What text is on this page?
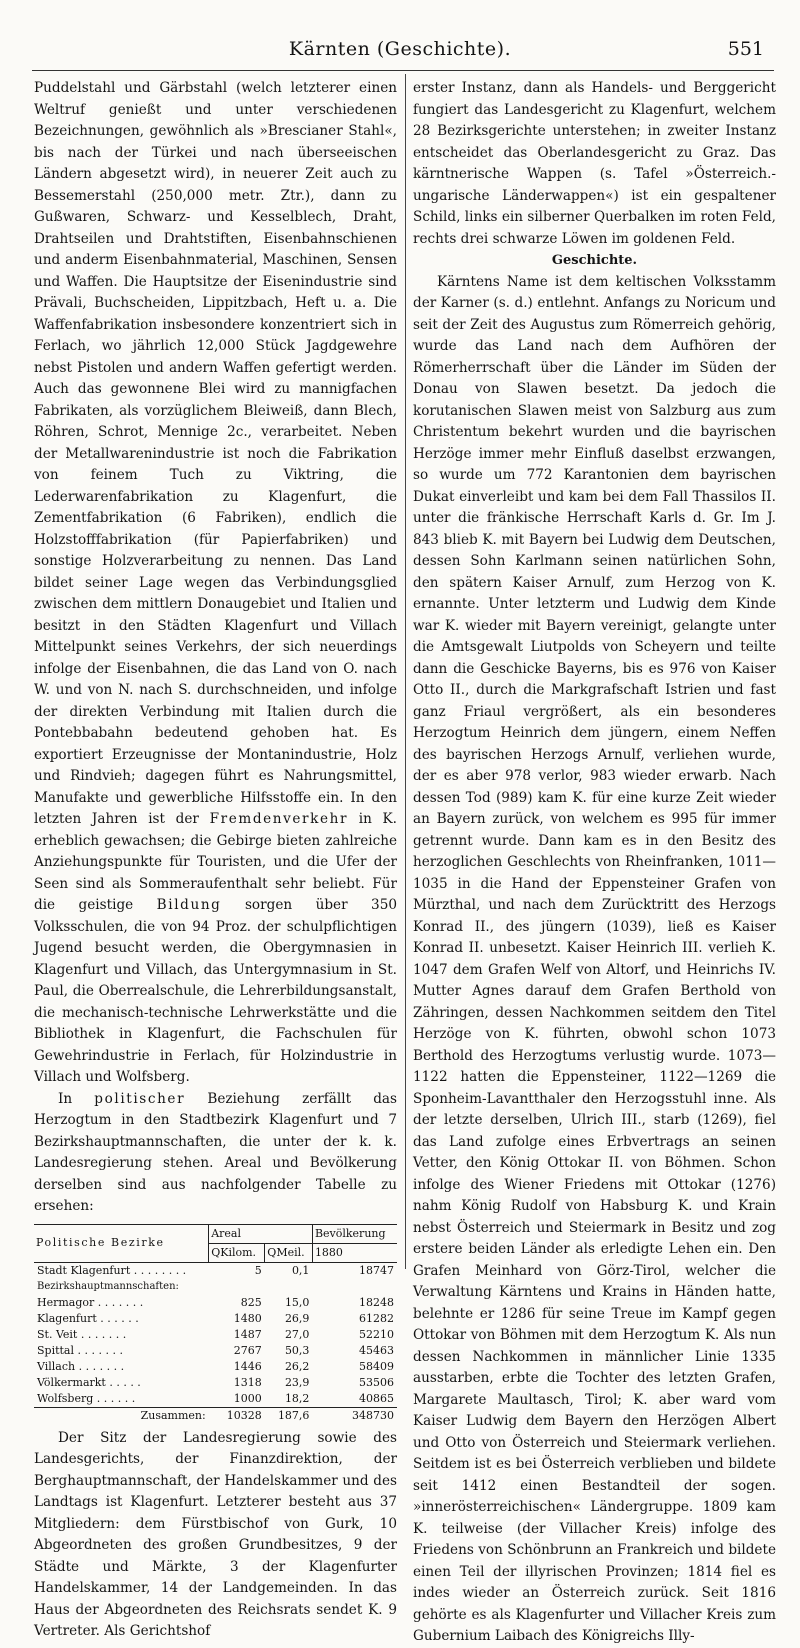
Kärnten (Geschichte).	551

Puddelstahl und Gärbstahl (welch letzterer einen Weltruf genießt und unter verschiedenen Bezeichnungen, gewöhnlich als »Brescianer Stahl«, bis nach der Türkei und nach überseeischen Ländern abgesetzt wird), in neuerer Zeit auch zu Bessemerstahl (250,000 metr. Ztr.), dann zu Gußwaren, Schwarz- und Kesselblech, Draht, Drahtseilen und Drahtstiften, Eisenbahnschienen und anderm Eisenbahnmaterial, Maschinen, Sensen und Waffen. Die Hauptsitze der Eisenindustrie sind Prävali, Buchscheiden, Lippitzbach, Heft u. a. Die Waffenfabrikation insbesondere konzentriert sich in Ferlach, wo jährlich 12,000 Stück Jagdgewehre nebst Pistolen und andern Waffen gefertigt werden. Auch das gewonnene Blei wird zu mannigfachen Fabrikaten, als vorzüglichem Bleiweiß, dann Blech, Röhren, Schrot, Mennige 2c., verarbeitet. Neben der Metallwarenindustrie ist noch die Fabrikation von feinem Tuch zu Viktring, die Lederwarenfabrikation zu Klagenfurt, die Zementfabrikation (6 Fabriken), endlich die Holzstofffabrikation (für Papierfabriken) und sonstige Holzverarbeitung zu nennen. Das Land bildet seiner Lage wegen das Verbindungsglied zwischen dem mittlern Donaugebiet und Italien und besitzt in den Städten Klagenfurt und Villach Mittelpunkt seines Verkehrs, der sich neuerdings infolge der Eisenbahnen, die das Land von O. nach W. und von N. nach S. durchschneiden, und infolge der direkten Verbindung mit Italien durch die Pontebbabahn bedeutend gehoben hat. Es exportiert Erzeugnisse der Montanindustrie, Holz und Rindvieh; dagegen führt es Nahrungsmittel, Manufakte und gewerbliche Hilfsstoffe ein. In den letzten Jahren ist der Fremdenverkehr in K. erheblich gewachsen; die Gebirge bieten zahlreiche Anziehungspunkte für Touristen, und die Ufer der Seen sind als Sommeraufenthalt sehr beliebt. Für die geistige Bildung sorgen über 350 Volksschulen, die von 94 Proz. der schulpflichtigen Jugend besucht werden, die Obergymnasien in Klagenfurt und Villach, das Untergymnasium in St. Paul, die Oberrealschule, die Lehrerbildungsanstalt, die mechanisch-technische Lehrwerkstätte und die Bibliothek in Klagenfurt, die Fachschulen für Gewehrindustrie in Ferlach, für Holzindustrie in Villach und Wolfsberg.

In politischer Beziehung zerfällt das Herzogtum in den Stadtbezirk Klagenfurt und 7 Bezirkshauptmannschaften, die unter der k. k. Landesregierung stehen. Areal und Bevölkerung derselben sind aus nachfolgender Tabelle zu ersehen:

Politische Bezirke	Areal		Bevölkerung
	QKilom.	QMeil.	1880
Stadt Klagenfurt . . . . . . . .	5	0,1	18747
Bezirkshauptmannschaften:			
Hermagor . . . . . . .	825	15,0	18248
Klagenfurt . . . . . .	1480	26,9	61282
St. Veit . . . . . . .	1487	27,0	52210
Spittal . . . . . . .	2767	50,3	45463
Villach . . . . . . .	1446	26,2	58409
Völkermarkt . . . . .	1318	23,9	53506
Wolfsberg . . . . . .	1000	18,2	40865
Zusammen:	10328	187,6	348730

Der Sitz der Landesregierung sowie des Landesgerichts, der Finanzdirektion, der Berghauptmannschaft, der Handelskammer und des Landtags ist Klagenfurt. Letzterer besteht aus 37 Mitgliedern: dem Fürstbischof von Gurk, 10 Abgeordneten des großen Grundbesitzes, 9 der Städte und Märkte, 3 der Klagenfurter Handelskammer, 14 der Landgemeinden. In das Haus der Abgeordneten des Reichsrats sendet K. 9 Vertreter. Als Gerichtshof

erster Instanz, dann als Handels- und Berggericht fungiert das Landesgericht zu Klagenfurt, welchem 28 Bezirksgerichte unterstehen; in zweiter Instanz entscheidet das Oberlandesgericht zu Graz. Das kärntnerische Wappen (s. Tafel »Österreich.-ungarische Länderwappen«) ist ein gespaltener Schild, links ein silberner Querbalken im roten Feld, rechts drei schwarze Löwen im goldenen Feld.

Geschichte.

Kärntens Name ist dem keltischen Volksstamm der Karner (s. d.) entlehnt. Anfangs zu Noricum und seit der Zeit des Augustus zum Römerreich gehörig, wurde das Land nach dem Aufhören der Römerherrschaft über die Länder im Süden der Donau von Slawen besetzt. Da jedoch die korutanischen Slawen meist von Salzburg aus zum Christentum bekehrt wurden und die bayrischen Herzöge immer mehr Einfluß daselbst erzwangen, so wurde um 772 Karantonien dem bayrischen Dukat einverleibt und kam bei dem Fall Thassilos II. unter die fränkische Herrschaft Karls d. Gr. Im J. 843 blieb K. mit Bayern bei Ludwig dem Deutschen, dessen Sohn Karlmann seinen natürlichen Sohn, den spätern Kaiser Arnulf, zum Herzog von K. ernannte. Unter letzterm und Ludwig dem Kinde war K. wieder mit Bayern vereinigt, gelangte unter die Amtsgewalt Liutpolds von Scheyern und teilte dann die Geschicke Bayerns, bis es 976 von Kaiser Otto II., durch die Markgrafschaft Istrien und fast ganz Friaul vergrößert, als ein besonderes Herzogtum Heinrich dem jüngern, einem Neffen des bayrischen Herzogs Arnulf, verliehen wurde, der es aber 978 verlor, 983 wieder erwarb. Nach dessen Tod (989) kam K. für eine kurze Zeit wieder an Bayern zurück, von welchem es 995 für immer getrennt wurde. Dann kam es in den Besitz des herzoglichen Geschlechts von Rheinfranken, 1011—1035 in die Hand der Eppensteiner Grafen von Mürzthal, und nach dem Zurücktritt des Herzogs Konrad II., des jüngern (1039), ließ es Kaiser Konrad II. unbesetzt. Kaiser Heinrich III. verlieh K. 1047 dem Grafen Welf von Altorf, und Heinrichs IV. Mutter Agnes darauf dem Grafen Berthold von Zähringen, dessen Nachkommen seitdem den Titel Herzöge von K. führten, obwohl schon 1073 Berthold des Herzogtums verlustig wurde. 1073—1122 hatten die Eppensteiner, 1122—1269 die Sponheim-Lavantthaler den Herzogsstuhl inne. Als der letzte derselben, Ulrich III., starb (1269), fiel das Land zufolge eines Erbvertrags an seinen Vetter, den König Ottokar II. von Böhmen. Schon infolge des Wiener Friedens mit Ottokar (1276) nahm König Rudolf von Habsburg K. und Krain nebst Österreich und Steiermark in Besitz und zog erstere beiden Länder als erledigte Lehen ein. Den Grafen Meinhard von Görz-Tirol, welcher die Verwaltung Kärntens und Krains in Händen hatte, belehnte er 1286 für seine Treue im Kampf gegen Ottokar von Böhmen mit dem Herzogtum K. Als nun dessen Nachkommen in männlicher Linie 1335 ausstarben, erbte die Tochter des letzten Grafen, Margarete Maultasch, Tirol; K. aber ward vom Kaiser Ludwig dem Bayern den Herzögen Albert und Otto von Österreich und Steiermark verliehen. Seitdem ist es bei Österreich verblieben und bildete seit 1412 einen Bestandteil der sogen. »innerösterreichischen« Ländergruppe. 1809 kam K. teilweise (der Villacher Kreis) infolge des Friedens von Schönbrunn an Frankreich und bildete einen Teil der illyrischen Provinzen; 1814 fiel es indes wieder an Österreich zurück. Seit 1816 gehörte es als Klagenfurter und Villacher Kreis zum Gubernium Laibach des Königreichs Illy-
